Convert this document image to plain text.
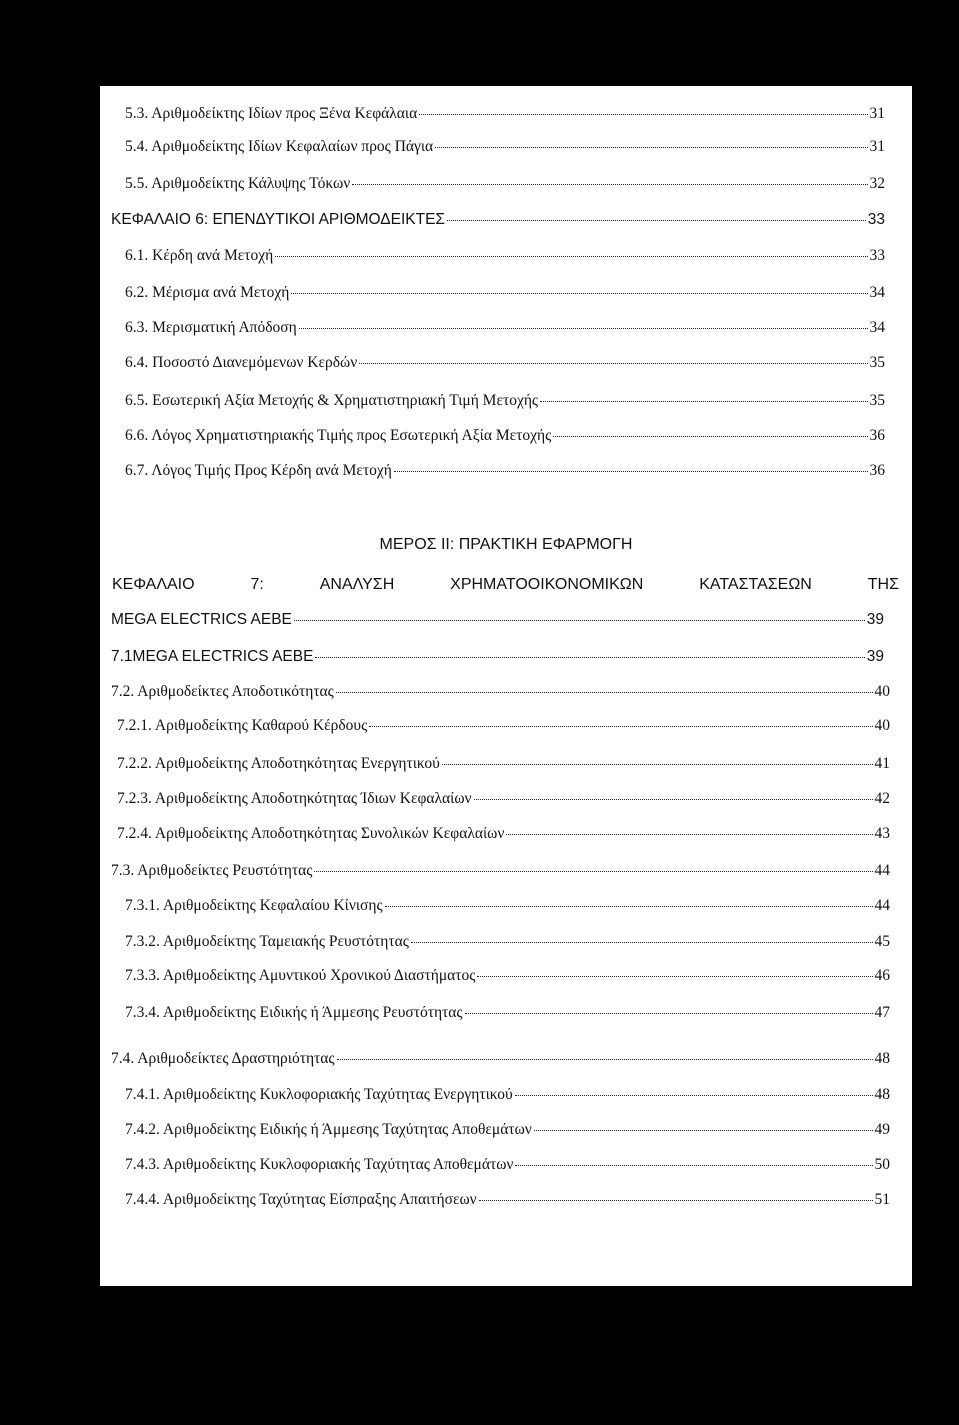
5.3. Αριθμοδείκτης Ιδίων προς Ξένα Κεφάλαια	31
5.4. Αριθμοδείκτης Ιδίων Κεφαλαίων προς Πάγια	31
5.5. Αριθμοδείκτης Κάλυψης Τόκων	32
ΚΕΦΑΛΑΙΟ 6: ΕΠΕΝΔΥΤΙΚΟΙ ΑΡΙΘΜΟΔΕΙΚΤΕΣ	33
6.1. Κέρδη ανά Μετοχή	33
6.2. Μέρισμα ανά Μετοχή	34
6.3. Μερισματική Απόδοση	34
6.4. Ποσοστό Διανεμόμενων Κερδών	35
6.5. Εσωτερική Αξία Μετοχής & Χρηματιστηριακή Τιμή Μετοχής	35
6.6. Λόγος Χρηματιστηριακής Τιμής προς Εσωτερική Αξία Μετοχής	36
6.7. Λόγος Τιμής Προς Κέρδη ανά Μετοχή	36
ΜΕΡΟΣ ΙΙ: ΠΡΑΚΤΙΚΗ ΕΦΑΡΜΟΓΗ
ΚΕΦΑΛΑΙΟ	7:	ΑΝΑΛΥΣΗ	ΧΡΗΜΑΤΟΟΙΚΟΝΟΜΙΚΩΝ	ΚΑΤΑΣΤΑΣΕΩΝ	ΤΗΣ
MEGA ELECTRICS AEBE	39
7.1MEGA ELECTRICS AEBE	39
7.2. Αριθμοδείκτες Αποδοτικότητας	40
7.2.1. Αριθμοδείκτης Καθαρού Κέρδους	40
7.2.2. Αριθμοδείκτης Αποδοτηκότητας Ενεργητικού	41
7.2.3. Αριθμοδείκτης Αποδοτηκότητας Ίδιων Κεφαλαίων	42
7.2.4. Αριθμοδείκτης Αποδοτηκότητας Συνολικών Κεφαλαίων	43
7.3. Αριθμοδείκτες Ρευστότητας	44
7.3.1. Αριθμοδείκτης Κεφαλαίου Κίνισης	44
7.3.2. Αριθμοδείκτης Ταμειακής Ρευστότητας	45
7.3.3. Αριθμοδείκτης Αμυντικού Χρονικού Διαστήματος	46
7.3.4. Αριθμοδείκτης Ειδικής ή Άμμεσης Ρευστότητας	47
7.4. Αριθμοδείκτες Δραστηριότητας	48
7.4.1. Αριθμοδείκτης Κυκλοφοριακής Ταχύτητας Ενεργητικού	48
7.4.2. Αριθμοδείκτης Ειδικής ή Άμμεσης Ταχύτητας Αποθεμάτων	49
7.4.3. Αριθμοδείκτης Κυκλοφοριακής Ταχύτητας Αποθεμάτων	50
7.4.4. Αριθμοδείκτης Ταχύτητας Είσπραξης Απαιτήσεων	51
